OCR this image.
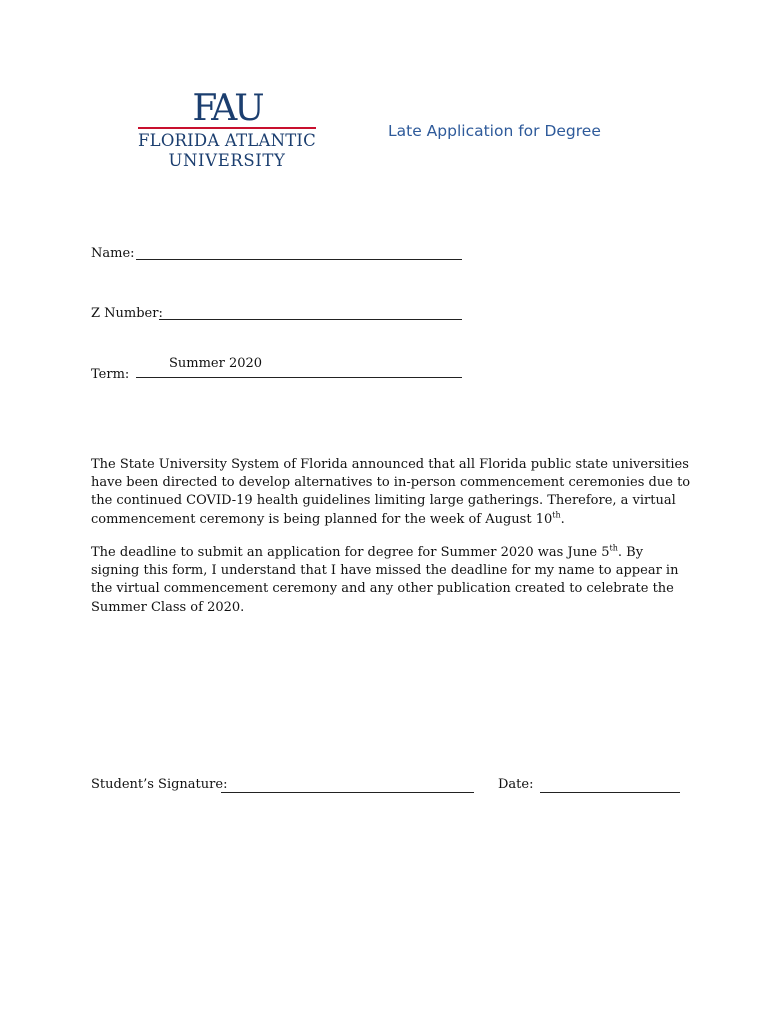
FAU
FLORIDA ATLANTIC
UNIVERSITY
Late Application for Degree
Name:
Z Number:
Term:
Summer 2020

The State University System of Florida announced that all Florida public state universities have been directed to develop alternatives to in-person commencement ceremonies due to the continued COVID-19 health guidelines limiting large gatherings. Therefore, a virtual commencement ceremony is being planned for the week of August 10th.

The deadline to submit an application for degree for Summer 2020 was June 5th. By signing this form, I understand that I have missed the deadline for my name to appear in the virtual commencement ceremony and any other publication created to celebrate the Summer Class of 2020.

Student’s Signature:	Date:
